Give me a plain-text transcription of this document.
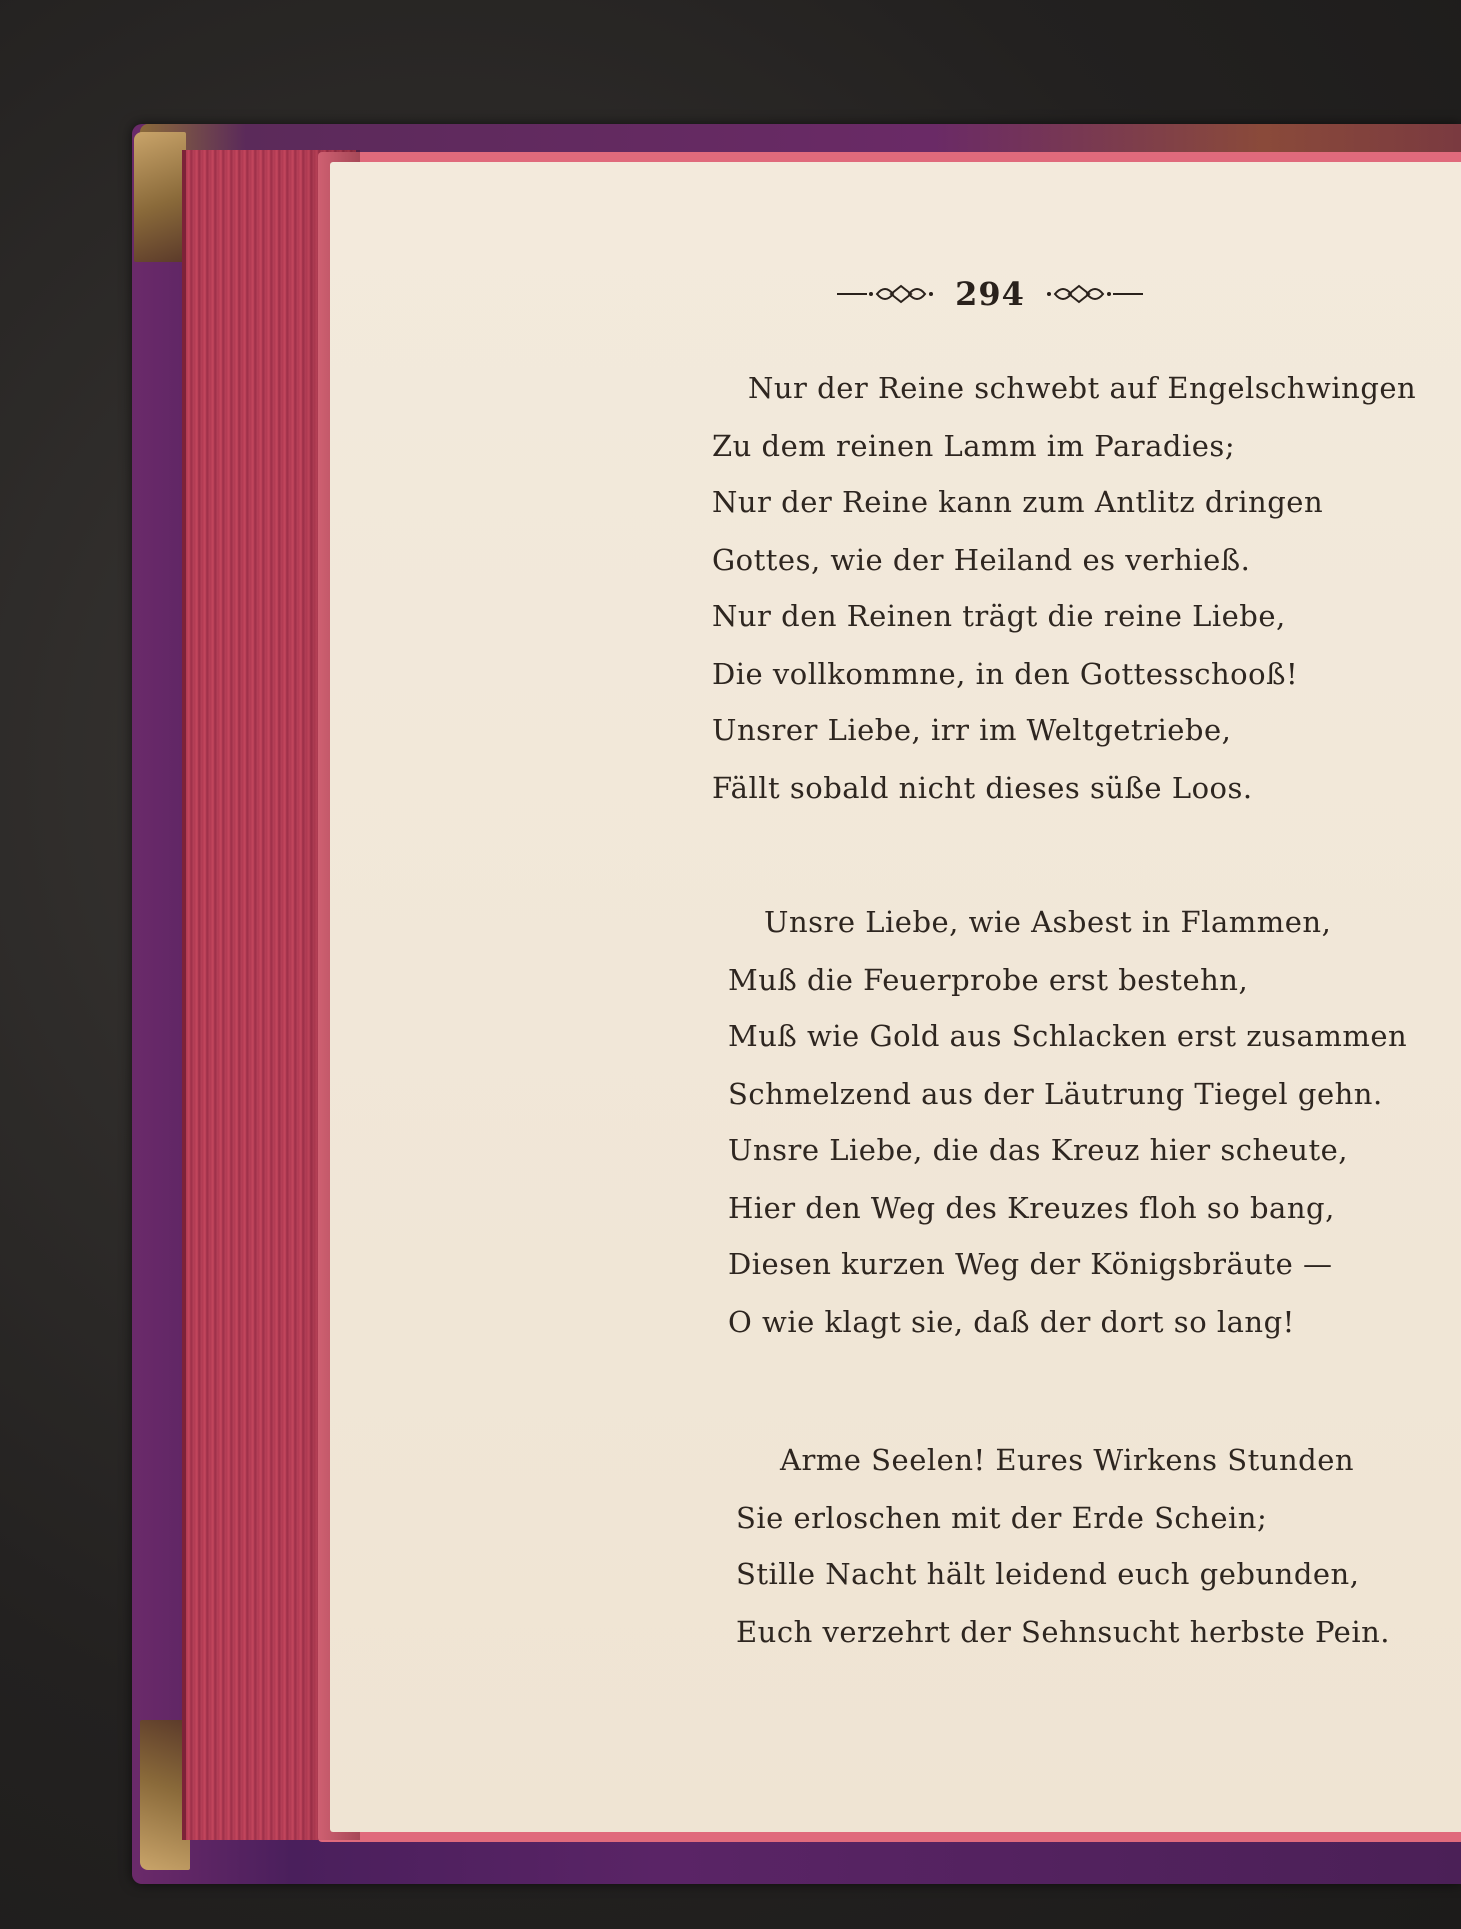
294
Nur der Reine schwebt auf Engelschwingen
Zu dem reinen Lamm im Paradies;
Nur der Reine kann zum Antlitz dringen
Gottes, wie der Heiland es verhieß.
Nur den Reinen trägt die reine Liebe,
Die vollkommne, in den Gottesschooß!
Unsrer Liebe, irr im Weltgetriebe,
Fällt sobald nicht dieses süße Loos.
Unsre Liebe, wie Asbest in Flammen,
Muß die Feuerprobe erst bestehn,
Muß wie Gold aus Schlacken erst zusammen
Schmelzend aus der Läutrung Tiegel gehn.
Unsre Liebe, die das Kreuz hier scheute,
Hier den Weg des Kreuzes floh so bang,
Diesen kurzen Weg der Königsbräute —
O wie klagt sie, daß der dort so lang!
Arme Seelen! Eures Wirkens Stunden
Sie erloschen mit der Erde Schein;
Stille Nacht hält leidend euch gebunden,
Euch verzehrt der Sehnsucht herbste Pein.
